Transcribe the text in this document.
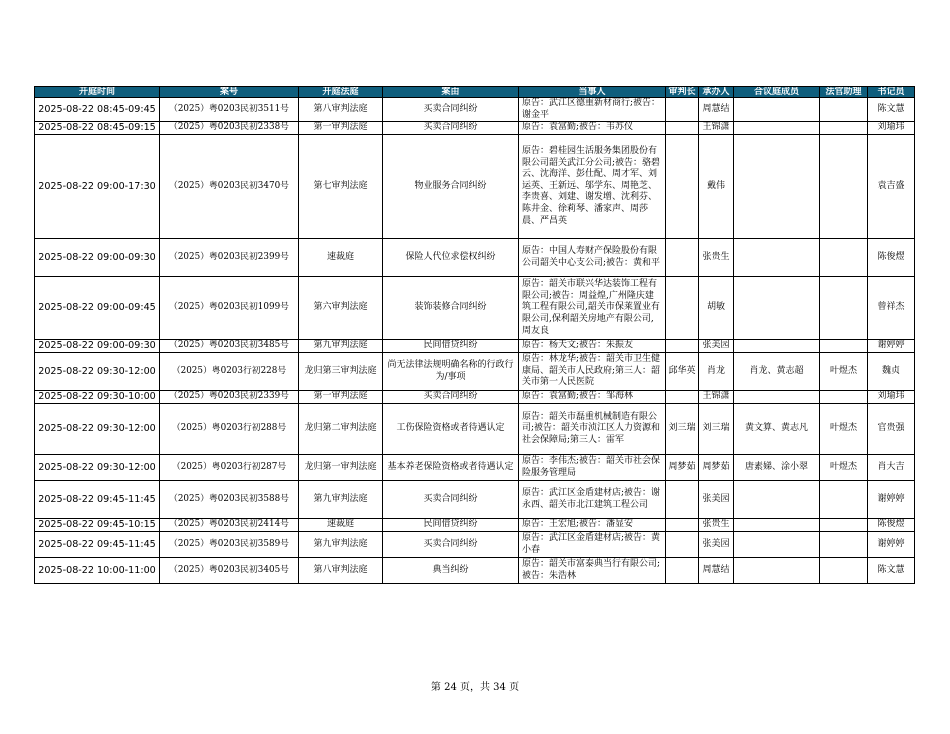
开庭时间	案号	开庭法庭	案由	当事人	审判长	承办人	合议庭成员	法官助理	书记员
2025-08-22 08:45-09:45	（2025）粤0203民初3511号	第八审判法庭	买卖合同纠纷	原告：武江区德重新材商行;被告：谢金平		周慧结			陈文慧
2025-08-22 08:45-09:15	（2025）粤0203民初2338号	第一审判法庭	买卖合同纠纷	原告：袁富勤;被告：韦苏仪		王锦潇			刘瑜玮
2025-08-22 09:00-17:30	（2025）粤0203民初3470号	第七审判法庭	物业服务合同纠纷	原告：碧桂园生活服务集团股份有限公司韶关武江分公司;被告：骆碧云、沈海洋、彭仕配、周才军、刘运英、王新远、邬学东、周艳芝、李贵喜、刘建、谢发增、沈利芬、陈井金、徐莉琴、潘家声、周莎晨、严昌英		戴伟			袁吉盛
2025-08-22 09:00-09:30	（2025）粤0203民初2399号	速裁庭	保险人代位求偿权纠纷	原告：中国人寿财产保险股份有限公司韶关中心支公司;被告：黄和平		张贵生			陈俊熤
2025-08-22 09:00-09:45	（2025）粤0203民初1099号	第六审判法庭	装饰装修合同纠纷	原告：韶关市联兴华达装饰工程有限公司;被告：周益煌,广州隆庆建筑工程有限公司,韶关市保莱置业有限公司,保利韶关房地产有限公司,周友良		胡敏			曾祥杰
2025-08-22 09:00-09:30	（2025）粤0203民初3485号	第九审判法庭	民间借贷纠纷	原告：杨天文;被告：朱振友		张美园			谢婷婷
2025-08-22 09:30-12:00	（2025）粤0203行初228号	龙归第三审判法庭	尚无法律法规明确名称的行政行为/事项	原告：林龙华;被告：韶关市卫生健康局、韶关市人民政府;第三人：韶关市第一人民医院	邱华英	肖龙	肖龙、黄志超	叶煜杰	魏贞
2025-08-22 09:30-10:00	（2025）粤0203民初2339号	第一审判法庭	买卖合同纠纷	原告：袁富勤;被告：邹海林		王锦潇			刘瑜玮
2025-08-22 09:30-12:00	（2025）粤0203行初288号	龙归第二审判法庭	工伤保险资格或者待遇认定	原告：韶关市磊重机械制造有限公司;被告：韶关市浈江区人力资源和社会保障局;第三人：雷军	刘三瑞	刘三瑞	黄文算、黄志凡	叶煜杰	官贵强
2025-08-22 09:30-12:00	（2025）粤0203行初287号	龙归第一审判法庭	基本养老保险资格或者待遇认定	原告：李伟杰;被告：韶关市社会保险服务管理局	周梦茹	周梦茹	唐素娣、涂小翠	叶煜杰	肖大吉
2025-08-22 09:45-11:45	（2025）粤0203民初3588号	第九审判法庭	买卖合同纠纷	原告：武江区金盾建材店;被告：谢永西、韶关市北江建筑工程公司		张美园			谢婷婷
2025-08-22 09:45-10:15	（2025）粤0203民初2414号	速裁庭	民间借贷纠纷	原告：王宏旭;被告：潘显安		张贵生			陈俊熤
2025-08-22 09:45-11:45	（2025）粤0203民初3589号	第九审判法庭	买卖合同纠纷	原告：武江区金盾建材店;被告：黄小春		张美园			谢婷婷
2025-08-22 10:00-11:00	（2025）粤0203民初3405号	第八审判法庭	典当纠纷	原告：韶关市富泰典当行有限公司;被告：朱浩林		周慧结			陈文慧
第 24 页，共 34 页
